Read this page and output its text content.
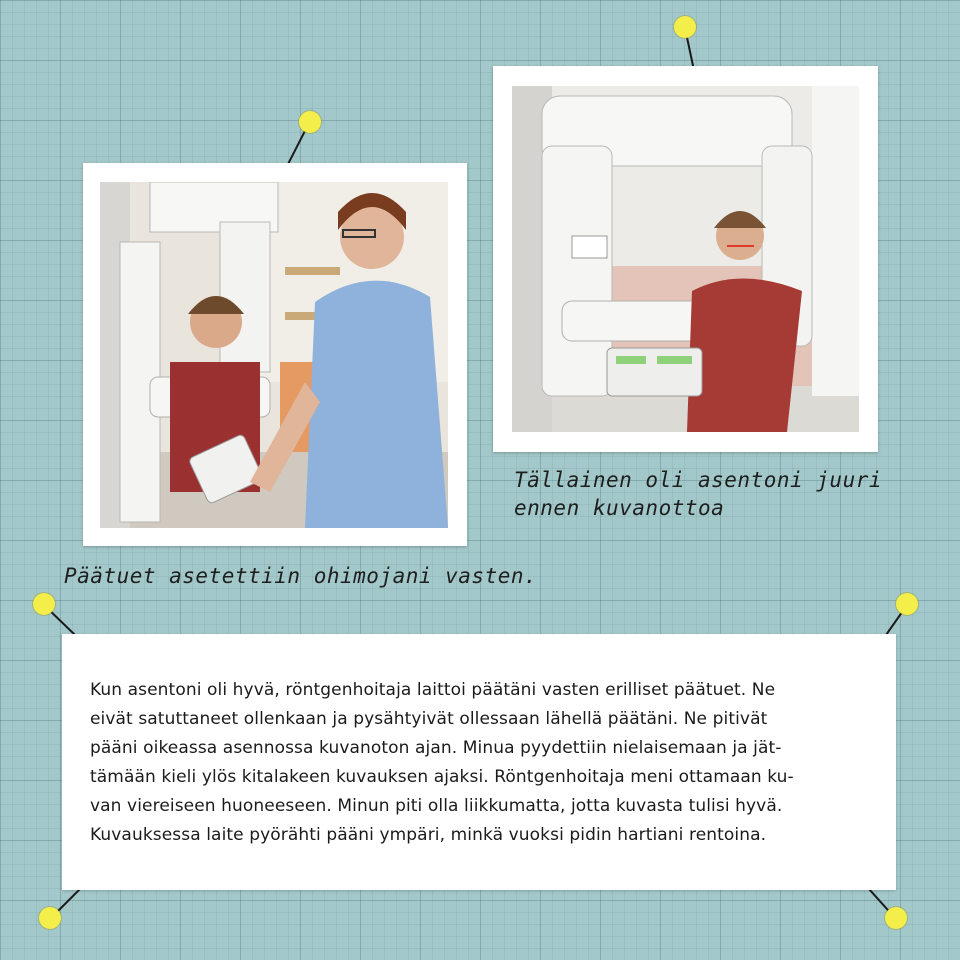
Tällainen oli asentoni juuri
ennen kuvanottoa

Päätuet asetettiin ohimojani vasten.

Kun asentoni oli hyvä, röntgenhoitaja laittoi päätäni vasten erilliset päätuet. Ne
eivät satuttaneet ollenkaan ja pysähtyivät ollessaan lähellä päätäni. Ne pitivät
pääni oikeassa asennossa kuvanoton ajan. Minua pyydettiin nielaisemaan ja jät-
tämään kieli ylös kitalakeen kuvauksen ajaksi. Röntgenhoitaja meni ottamaan ku-
van viereiseen huoneeseen. Minun piti olla liikkumatta, jotta kuvasta tulisi hyvä.
Kuvauksessa laite pyörähti pääni ympäri, minkä vuoksi pidin hartiani rentoina.
